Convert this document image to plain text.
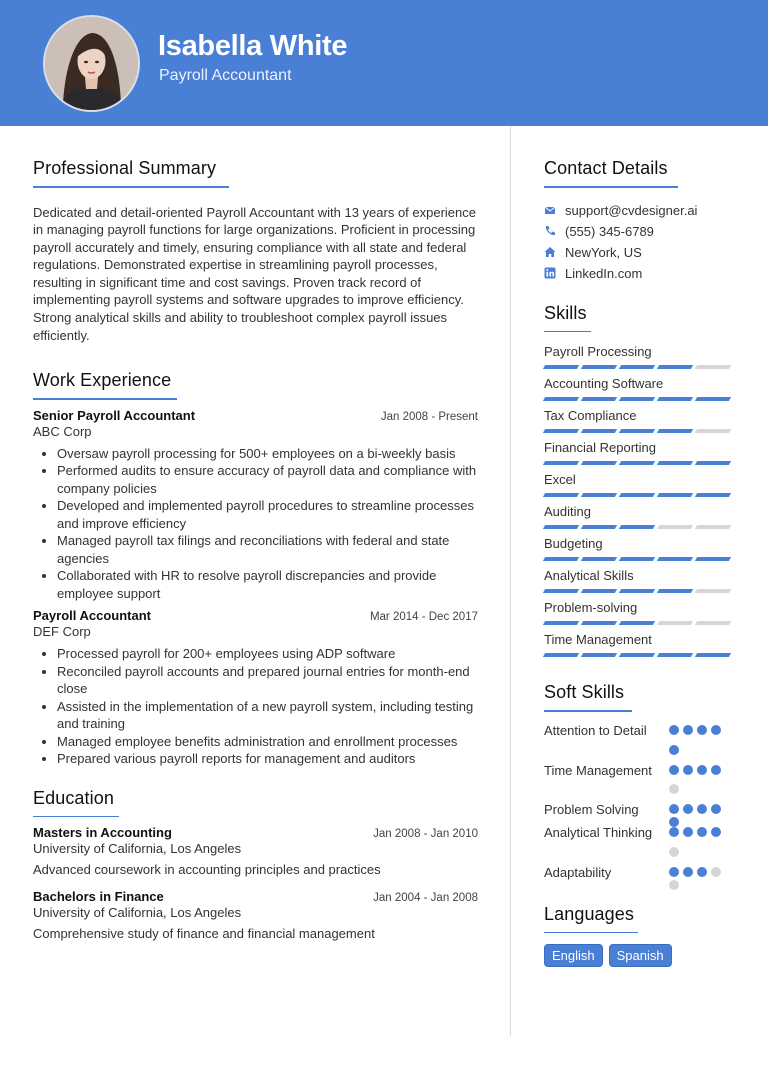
Isabella White
Payroll Accountant
Professional Summary

Dedicated and detail-oriented Payroll Accountant with 13 years of experience in managing payroll functions for large organizations. Proficient in processing payroll accurately and timely, ensuring compliance with all state and federal regulations. Demonstrated expertise in streamlining payroll processes, resulting in significant time and cost savings. Proven track record of implementing payroll systems and software upgrades to improve efficiency. Strong analytical skills and ability to troubleshoot complex payroll issues efficiently.

Work Experience
Senior Payroll Accountant	Jan 2008 - Present
ABC Corp
• Oversaw payroll processing for 500+ employees on a bi-weekly basis
• Performed audits to ensure accuracy of payroll data and compliance with company policies
• Developed and implemented payroll procedures to streamline processes and improve efficiency
• Managed payroll tax filings and reconciliations with federal and state agencies
• Collaborated with HR to resolve payroll discrepancies and provide employee support
Payroll Accountant	Mar 2014 - Dec 2017
DEF Corp
• Processed payroll for 200+ employees using ADP software
• Reconciled payroll accounts and prepared journal entries for month-end close
• Assisted in the implementation of a new payroll system, including testing and training
• Managed employee benefits administration and enrollment processes
• Prepared various payroll reports for management and auditors
Education
Masters in Accounting	Jan 2008 - Jan 2010
University of California, Los Angeles
Advanced coursework in accounting principles and practices
Bachelors in Finance	Jan 2004 - Jan 2008
University of California, Los Angeles
Comprehensive study of finance and financial management
Contact Details
support@cvdesigner.ai
(555) 345-6789
NewYork, US
LinkedIn.com
Skills
Payroll Processing
Accounting Software
Tax Compliance
Financial Reporting
Excel
Auditing
Budgeting
Analytical Skills
Problem-solving
Time Management
Soft Skills
Attention to Detail
Time Management
Problem Solving
Analytical Thinking
Adaptability
Languages
English	Spanish
